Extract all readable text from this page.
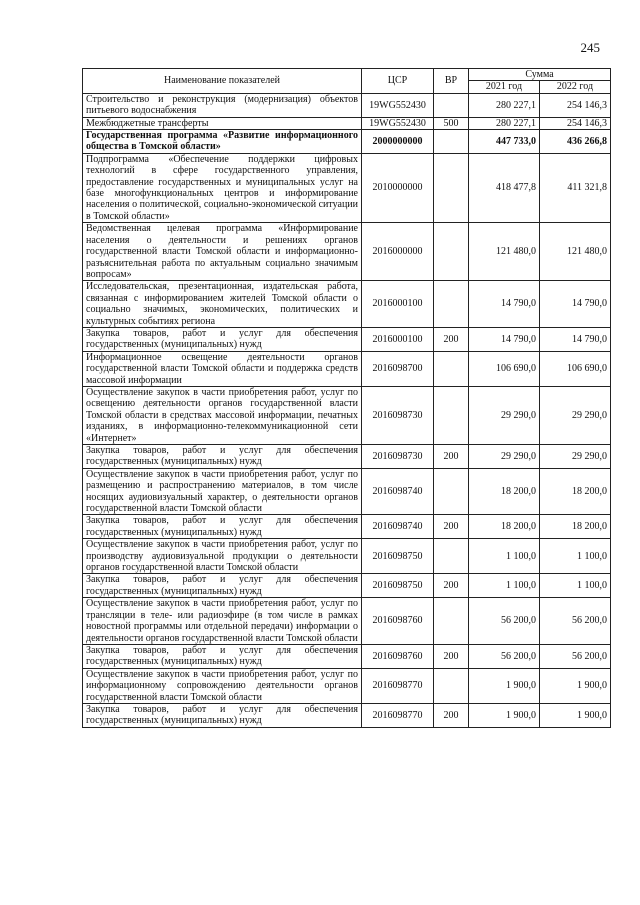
245
Наименование показателей	ЦСР	ВР	Сумма	
			2021 год	2022 год
Строительство и реконструкция (модернизация) объектов питьевого водоснабжения	19WG552430		280 227,1	254 146,3
Межбюджетные трансферты	19WG552430	500	280 227,1	254 146,3
Государственная программа «Развитие информационного общества в Томской области»	2000000000		447 733,0	436 266,8
Подпрограмма «Обеспечение поддержки цифровых технологий в сфере государственного управления, предоставление государственных и муниципальных услуг на базе многофункциональных центров и информирование населения о политической, социально-экономической ситуации в Томской области»	2010000000		418 477,8	411 321,8
Ведомственная целевая программа «Информирование населения о деятельности и решениях органов государственной власти Томской области и информационно-разъяснительная работа по актуальным социально значимым вопросам»	2016000000		121 480,0	121 480,0
Исследовательская, презентационная, издательская работа, связанная с информированием жителей Томской области о социально значимых, экономических, политических и культурных событиях региона	2016000100		14 790,0	14 790,0
Закупка товаров, работ и услуг для обеспечения государственных (муниципальных) нужд	2016000100	200	14 790,0	14 790,0
Информационное освещение деятельности органов государственной власти Томской области и поддержка средств массовой информации	2016098700		106 690,0	106 690,0
Осуществление закупок в части приобретения работ, услуг по освещению деятельности органов государственной власти Томской области в средствах массовой информации, печатных изданиях, в информационно-телекоммуникационной сети «Интернет»	2016098730		29 290,0	29 290,0
Закупка товаров, работ и услуг для обеспечения государственных (муниципальных) нужд	2016098730	200	29 290,0	29 290,0
Осуществление закупок в части приобретения работ, услуг по размещению и распространению материалов, в том числе носящих аудиовизуальный характер, о деятельности органов государственной власти Томской области	2016098740		18 200,0	18 200,0
Закупка товаров, работ и услуг для обеспечения государственных (муниципальных) нужд	2016098740	200	18 200,0	18 200,0
Осуществление закупок в части приобретения работ, услуг по производству аудиовизуальной продукции о деятельности органов государственной власти Томской области	2016098750		1 100,0	1 100,0
Закупка товаров, работ и услуг для обеспечения государственных (муниципальных) нужд	2016098750	200	1 100,0	1 100,0
Осуществление закупок в части приобретения работ, услуг по трансляции в теле- или радиоэфире (в том числе в рамках новостной программы или отдельной передачи) информации о деятельности органов государственной власти Томской области	2016098760		56 200,0	56 200,0
Закупка товаров, работ и услуг для обеспечения государственных (муниципальных) нужд	2016098760	200	56 200,0	56 200,0
Осуществление закупок в части приобретения работ, услуг по информационному сопровождению деятельности органов государственной власти Томской области	2016098770		1 900,0	1 900,0
Закупка товаров, работ и услуг для обеспечения государственных (муниципальных) нужд	2016098770	200	1 900,0	1 900,0
